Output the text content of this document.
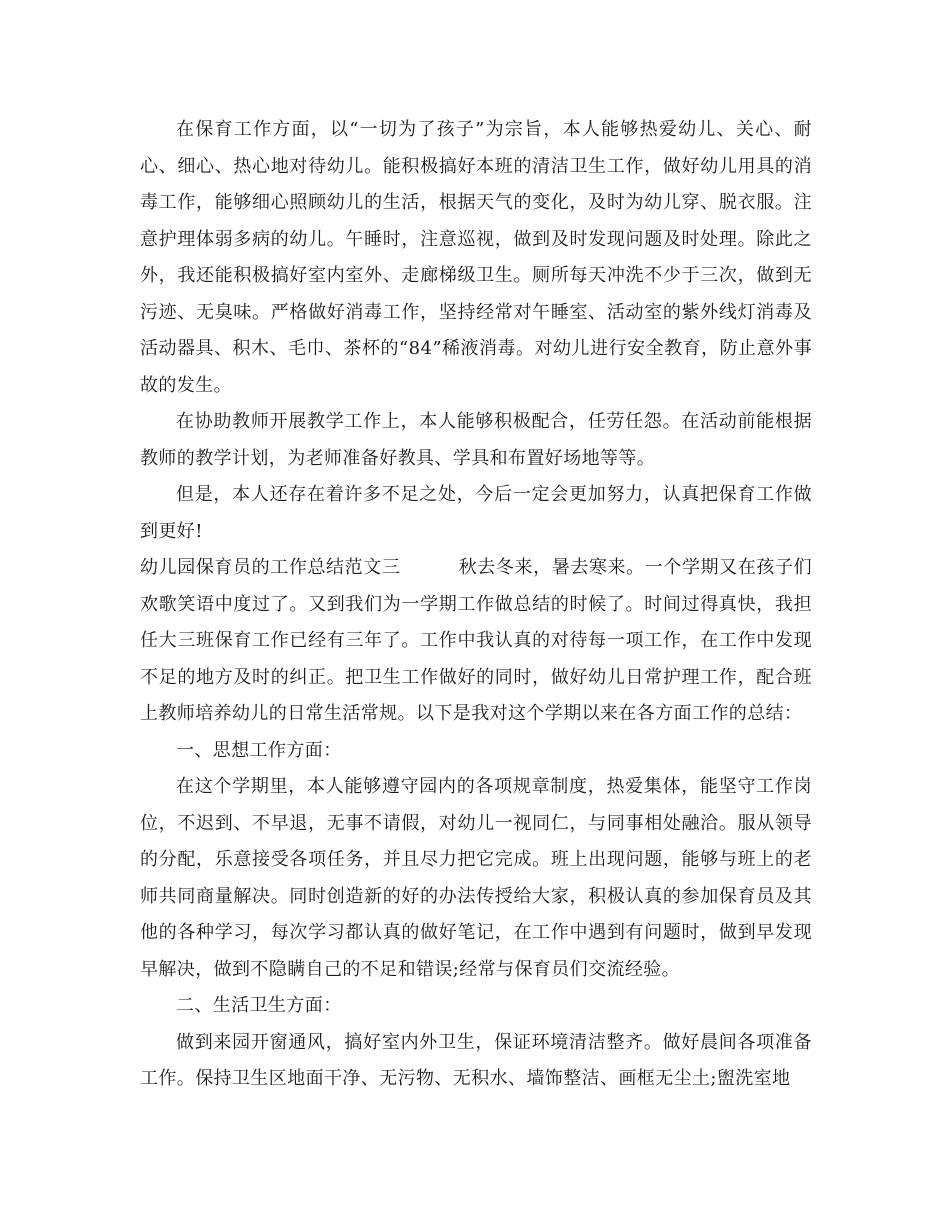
在保育工作方面，以“一切为了孩子”为宗旨，本人能够热爱幼儿、关心、耐心、细心、热心地对待幼儿。能积极搞好本班的清洁卫生工作，做好幼儿用具的消毒工作，能够细心照顾幼儿的生活，根据天气的变化，及时为幼儿穿、脱衣服。注意护理体弱多病的幼儿。午睡时，注意巡视，做到及时发现问题及时处理。除此之外，我还能积极搞好室内室外、走廊梯级卫生。厕所每天冲洗不少于三次，做到无污迹、无臭味。严格做好消毒工作，坚持经常对午睡室、活动室的紫外线灯消毒及活动器具、积木、毛巾、茶杯的“84”稀液消毒。对幼儿进行安全教育，防止意外事故的发生。

在协助教师开展教学工作上，本人能够积极配合，任劳任怨。在活动前能根据教师的教学计划，为老师准备好教具、学具和布置好场地等等。

但是，本人还存在着许多不足之处，今后一定会更加努力，认真把保育工作做到更好!

幼儿园保育员的工作总结范文三	秋去冬来，暑去寒来。一个学期又在孩子们欢歌笑语中度过了。又到我们为一学期工作做总结的时候了。时间过得真快，我担任大三班保育工作已经有三年了。工作中我认真的对待每一项工作，在工作中发现不足的地方及时的纠正。把卫生工作做好的同时，做好幼儿日常护理工作，配合班上教师培养幼儿的日常生活常规。以下是我对这个学期以来在各方面工作的总结：

一、思想工作方面：

在这个学期里，本人能够遵守园内的各项规章制度，热爱集体，能坚守工作岗位，不迟到、不早退，无事不请假，对幼儿一视同仁，与同事相处融洽。服从领导的分配，乐意接受各项任务，并且尽力把它完成。班上出现问题，能够与班上的老师共同商量解决。同时创造新的好的办法传授给大家，积极认真的参加保育员及其他的各种学习，每次学习都认真的做好笔记，在工作中遇到有问题时，做到早发现早解决，做到不隐瞒自己的不足和错误;经常与保育员们交流经验。

二、生活卫生方面：

做到来园开窗通风，搞好室内外卫生，保证环境清洁整齐。做好晨间各项准备工作。保持卫生区地面干净、无污物、无积水、墙饰整洁、画框无尘土;盥洗室地
